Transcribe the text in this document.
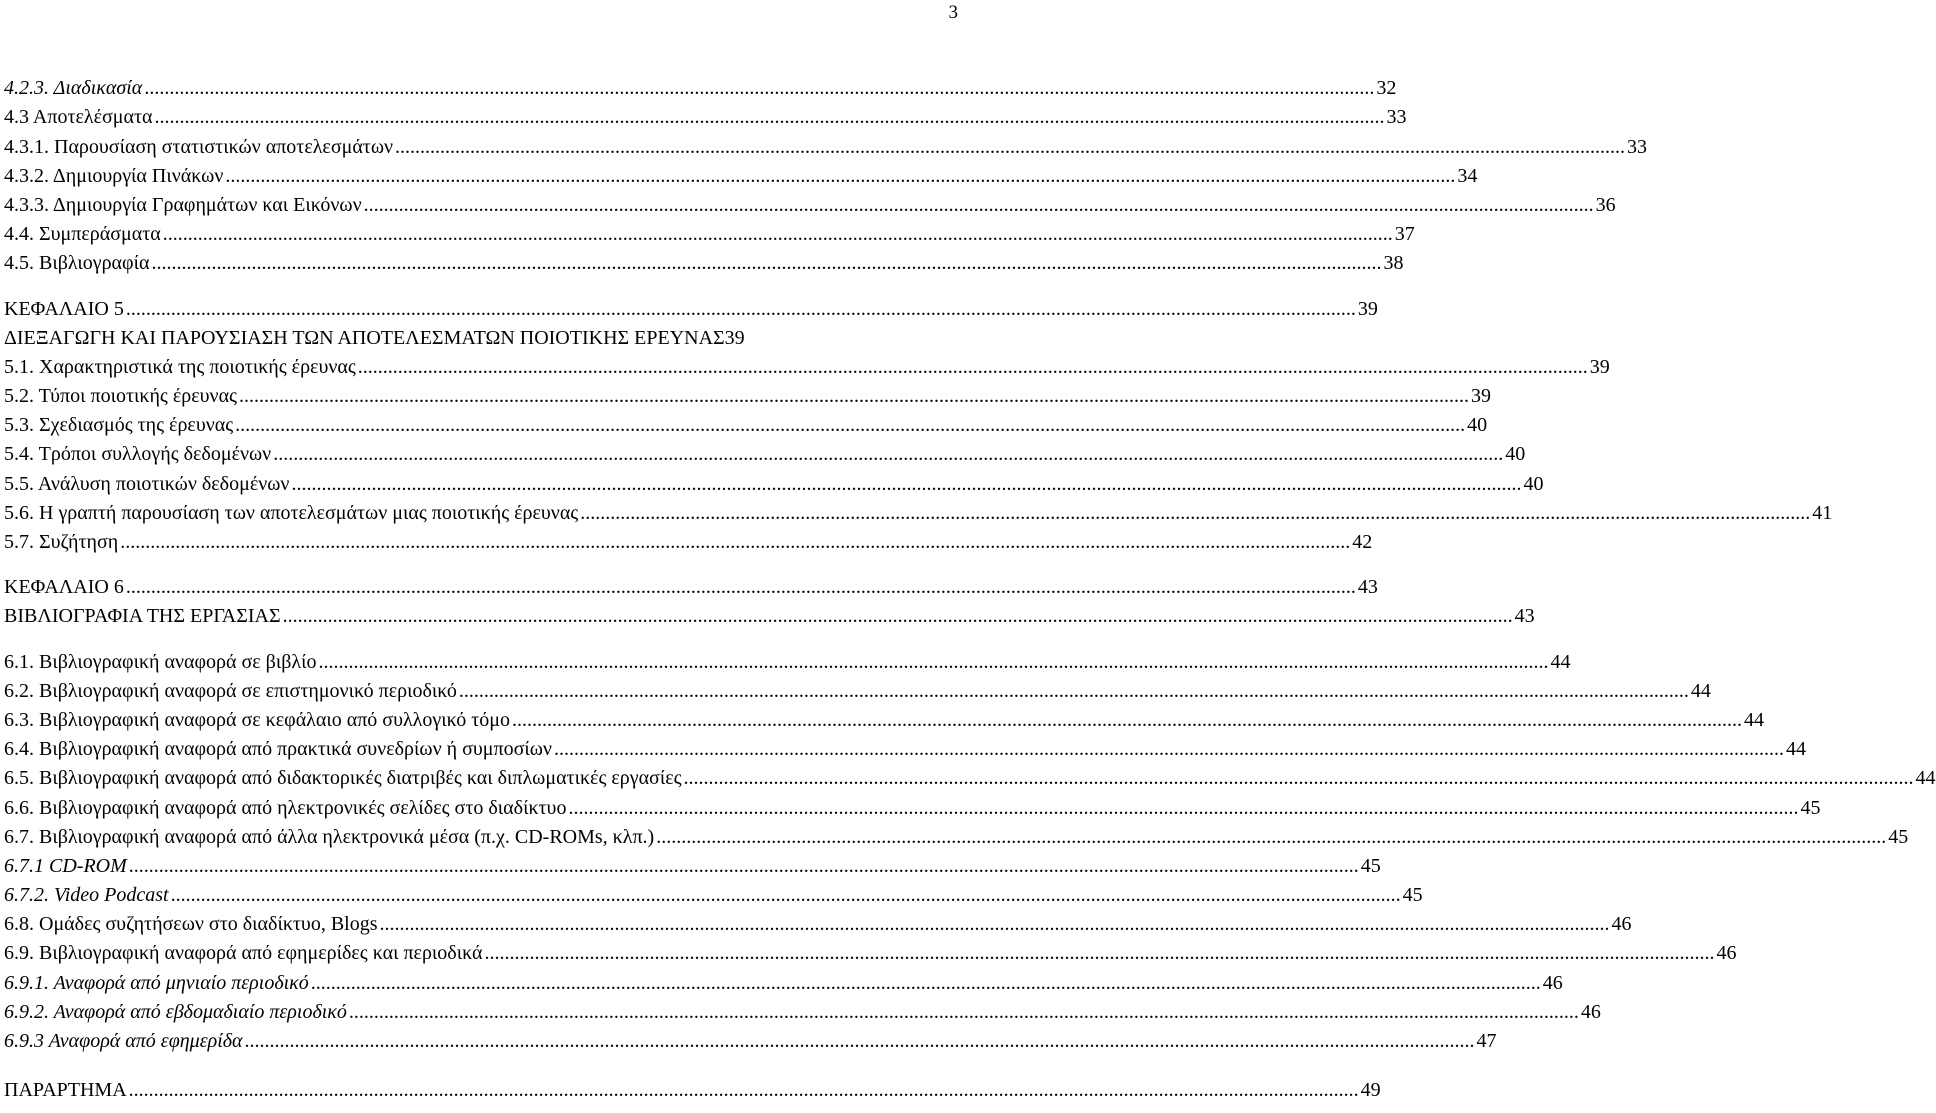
3
4.2.3. Διαδικασία .....	32
4.3 Αποτελέσματα .....	33
4.3.1. Παρουσίαση στατιστικών αποτελεσμάτων .....	33
4.3.2. Δημιουργία Πινάκων .....	34
4.3.3. Δημιουργία Γραφημάτων και Εικόνων .....	36
4.4. Συμπεράσματα .....	37
4.5. Βιβλιογραφία .....	38
ΚΕΦΑΛΑΙΟ 5 .....	39
ΔΙΕΞΑΓΩΓΗ ΚΑΙ ΠΑΡΟΥΣΙΑΣΗ ΤΩΝ ΑΠΟΤΕΛΕΣΜΑΤΩΝ ΠΟΙΟΤΙΚΗΣ ΕΡΕΥΝΑΣ39
5.1. Χαρακτηριστικά της ποιοτικής έρευνας .....	39
5.2. Τύποι ποιοτικής έρευνας .....	39
5.3. Σχεδιασμός της έρευνας .....	40
5.4. Τρόποι συλλογής δεδομένων .....	40
5.5. Ανάλυση ποιοτικών δεδομένων .....	40
5.6. Η γραπτή παρουσίαση των αποτελεσμάτων μιας ποιοτικής έρευνας .....	41
5.7. Συζήτηση .....	42
ΚΕΦΑΛΑΙΟ 6 .....	43
ΒΙΒΛΙΟΓΡΑΦΙΑ ΤΗΣ ΕΡΓΑΣΙΑΣ .....	43
6.1. Βιβλιογραφική αναφορά σε βιβλίο .....	44
6.2. Βιβλιογραφική αναφορά σε επιστημονικό περιοδικό .....	44
6.3. Βιβλιογραφική αναφορά σε κεφάλαιο από συλλογικό τόμο .....	44
6.4. Βιβλιογραφική αναφορά από πρακτικά συνεδρίων ή συμποσίων .....	44
6.5. Βιβλιογραφική αναφορά από διδακτορικές διατριβές και διπλωματικές εργασίες .....	44
6.6. Βιβλιογραφική αναφορά από ηλεκτρονικές σελίδες στο διαδίκτυο .....	45
6.7. Βιβλιογραφική αναφορά από άλλα ηλεκτρονικά μέσα (π.χ. CD-ROMs, κλπ.) .....	45
6.7.1 CD-ROM .....	45
6.7.2. Video Podcast .....	45
6.8. Ομάδες συζητήσεων στο διαδίκτυο, Blogs .....	46
6.9. Βιβλιογραφική αναφορά από εφημερίδες και περιοδικά .....	46
6.9.1. Αναφορά από μηνιαίο περιοδικό .....	46
6.9.2. Αναφορά από εβδομαδιαίο περιοδικό .....	46
6.9.3 Αναφορά από εφημερίδα .....	47
ΠΑΡΑΡΤΗΜΑ .....	49
